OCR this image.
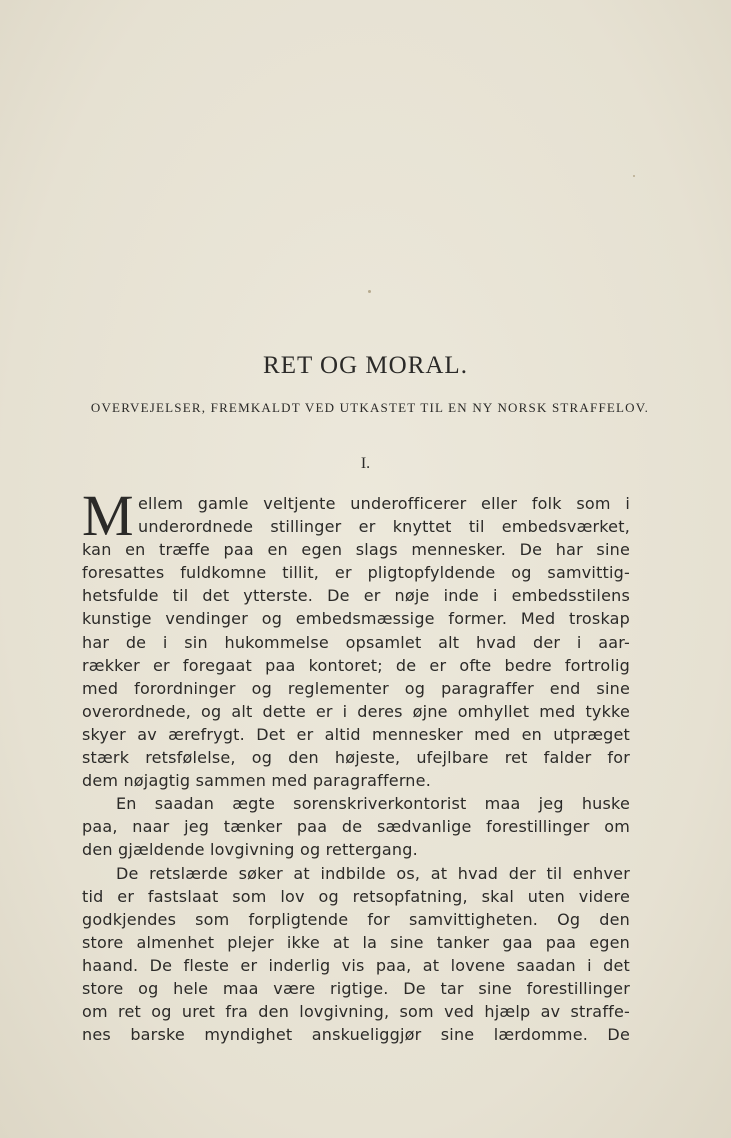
RET OG MORAL.
OVERVEJELSER, FREMKALDT VED UTKASTET TIL EN NY NORSK STRAFFELOV.
I.
M ellem gamle veltjente underofficerer eller folk som i
underordnede stillinger er knyttet til embedsværket,
kan en træffe paa en egen slags mennesker. De har sine
foresattes fuldkomne tillit, er pligtopfyldende og samvittig-
hetsfulde til det ytterste. De er nøje inde i embedsstilens
kunstige vendinger og embedsmæssige former. Med troskap
har de i sin hukommelse opsamlet alt hvad der i aar-
rækker er foregaat paa kontoret; de er ofte bedre fortrolig
med forordninger og reglementer og paragraffer end sine
overordnede, og alt dette er i deres øjne omhyllet med tykke
skyer av ærefrygt. Det er altid mennesker med en utpræget
stærk retsfølelse, og den højeste, ufejlbare ret falder for
dem nøjagtig sammen med paragrafferne.
En saadan ægte sorenskriverkontorist maa jeg huske
paa, naar jeg tænker paa de sædvanlige forestillinger om
den gjældende lovgivning og rettergang.
De retslærde søker at indbilde os, at hvad der til enhver
tid er fastslaat som lov og retsopfatning, skal uten videre
godkjendes som forpligtende for samvittigheten. Og den
store almenhet plejer ikke at la sine tanker gaa paa egen
haand. De fleste er inderlig vis paa, at lovene saadan i det
store og hele maa være rigtige. De tar sine forestillinger
om ret og uret fra den lovgivning, som ved hjælp av straffe-
nes barske myndighet anskueliggjør sine lærdomme. De
